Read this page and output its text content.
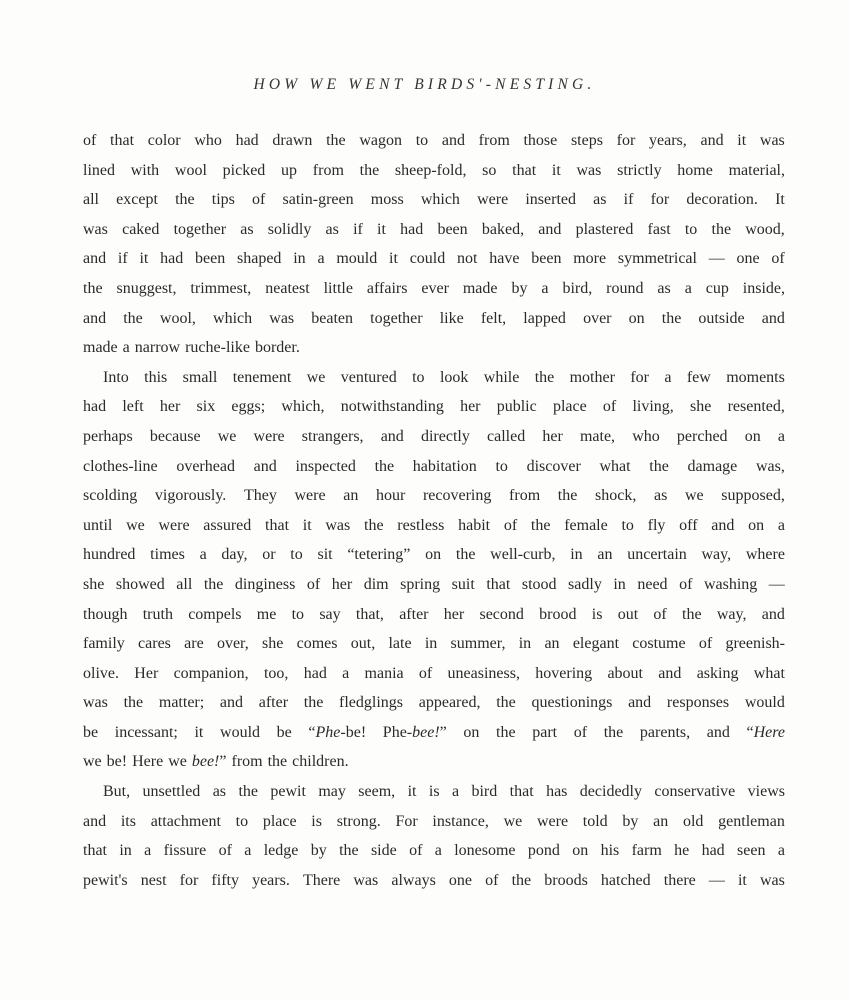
HOW WE WENT BIRDS'-NESTING.
of that color who had drawn the wagon to and from those steps for years, and it was
lined with wool picked up from the sheep-fold, so that it was strictly home material,
all except the tips of satin-green moss which were inserted as if for decoration. It
was caked together as solidly as if it had been baked, and plastered fast to the wood,
and if it had been shaped in a mould it could not have been more symmetrical — one of
the snuggest, trimmest, neatest little affairs ever made by a bird, round as a cup inside,
and the wool, which was beaten together like felt, lapped over on the outside and
made a narrow ruche-like border.
Into this small tenement we ventured to look while the mother for a few moments
had left her six eggs; which, notwithstanding her public place of living, she resented,
perhaps because we were strangers, and directly called her mate, who perched on a
clothes-line overhead and inspected the habitation to discover what the damage was,
scolding vigorously. They were an hour recovering from the shock, as we supposed,
until we were assured that it was the restless habit of the female to fly off and on a
hundred times a day, or to sit “tetering” on the well-curb, in an uncertain way, where
she showed all the dinginess of her dim spring suit that stood sadly in need of washing —
though truth compels me to say that, after her second brood is out of the way, and
family cares are over, she comes out, late in summer, in an elegant costume of greenish-
olive. Her companion, too, had a mania of uneasiness, hovering about and asking what
was the matter; and after the fledglings appeared, the questionings and responses would
be incessant; it would be “Phe-be! Phe-bee!” on the part of the parents, and “Here
we be! Here we bee!” from the children.
But, unsettled as the pewit may seem, it is a bird that has decidedly conservative views
and its attachment to place is strong. For instance, we were told by an old gentleman
that in a fissure of a ledge by the side of a lonesome pond on his farm he had seen a
pewit's nest for fifty years. There was always one of the broods hatched there — it was
